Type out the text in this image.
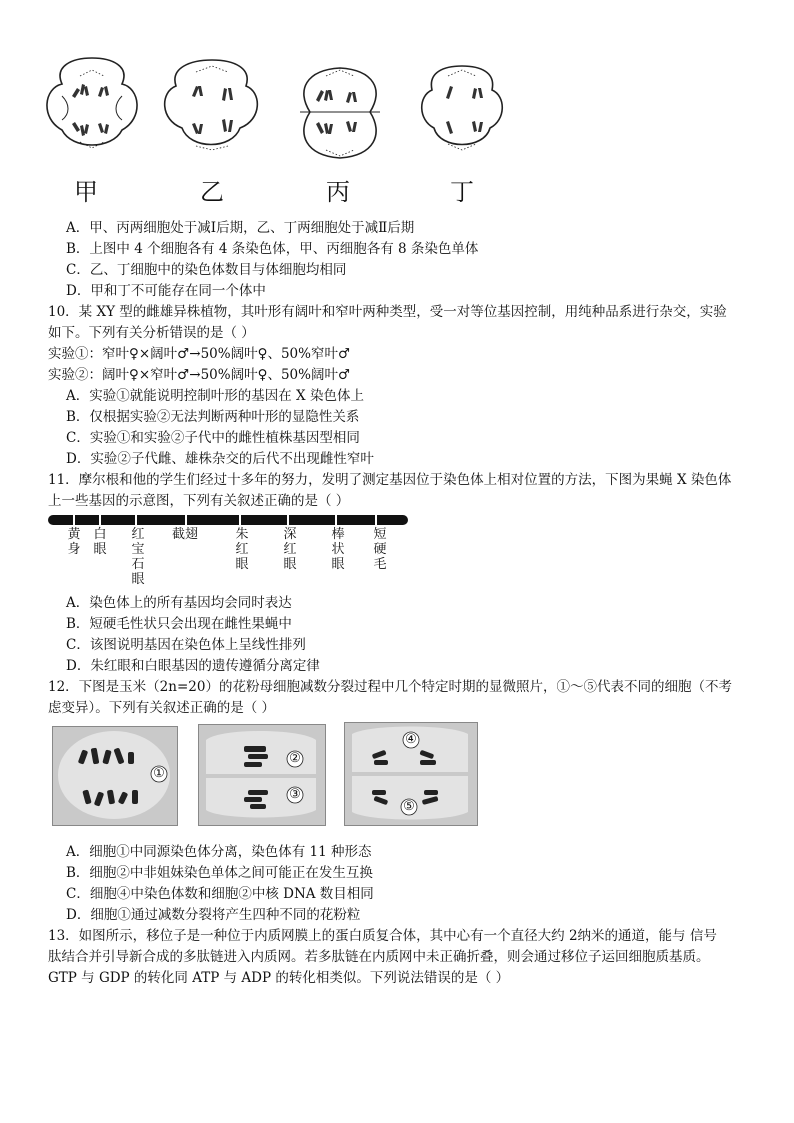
甲	乙	丙	丁
A．甲、丙两细胞处于减Ⅰ后期，乙、丁两细胞处于减Ⅱ后期
B．上图中 4 个细胞各有 4 条染色体，甲、丙细胞各有 8 条染色单体
C．乙、丁细胞中的染色体数目与体细胞均相同
D．甲和丁不可能存在同一个体中
10．某 XY 型的雌雄异株植物，其叶形有阔叶和窄叶两种类型，受一对等位基因控制，用纯种品系进行杂交，实验
如下。下列有关分析错误的是（ ）
实验①：窄叶♀×阔叶♂→50%阔叶♀、50%窄叶♂
实验②：阔叶♀×窄叶♂→50%阔叶♀、50%阔叶♂
A．实验①就能说明控制叶形的基因在 X 染色体上
B．仅根据实验②无法判断两种叶形的显隐性关系
C．实验①和实验②子代中的雌性植株基因型相同
D．实验②子代雌、雄株杂交的后代不出现雌性窄叶
11．摩尔根和他的学生们经过十多年的努力，发明了测定基因位于染色体上相对位置的方法，下图为果蝇 X 染色体
上一些基因的示意图，下列有关叙述正确的是（ ）
黄身
白眼
红宝石眼
截翅	朱红眼
深红眼
棒状眼
短硬毛
A．染色体上的所有基因均会同时表达
B．短硬毛性状只会出现在雌性果蝇中
C．该图说明基因在染色体上呈线性排列
D．朱红眼和白眼基因的遗传遵循分离定律
12．下图是玉米（2n=20）的花粉母细胞减数分裂过程中几个特定时期的显微照片，①～⑤代表不同的细胞（不考
虑变异）。下列有关叙述正确的是（ ）
①
②
③
④
⑤
A．细胞①中同源染色体分离，染色体有 11 种形态
B．细胞②中非姐妹染色单体之间可能正在发生互换
C．细胞④中染色体数和细胞②中核 DNA 数目相同
D．细胞①通过减数分裂将产生四种不同的花粉粒
13．如图所示，移位子是一种位于内质网膜上的蛋白质复合体，其中心有一个直径大约 2纳米的通道，能与 信号
肽结合并引导新合成的多肽链进入内质网。若多肽链在内质网中未正确折叠，则会通过移位子运回细胞质基质。
GTP 与 GDP 的转化同 ATP 与 ADP 的转化相类似。下列说法错误的是（ ）
